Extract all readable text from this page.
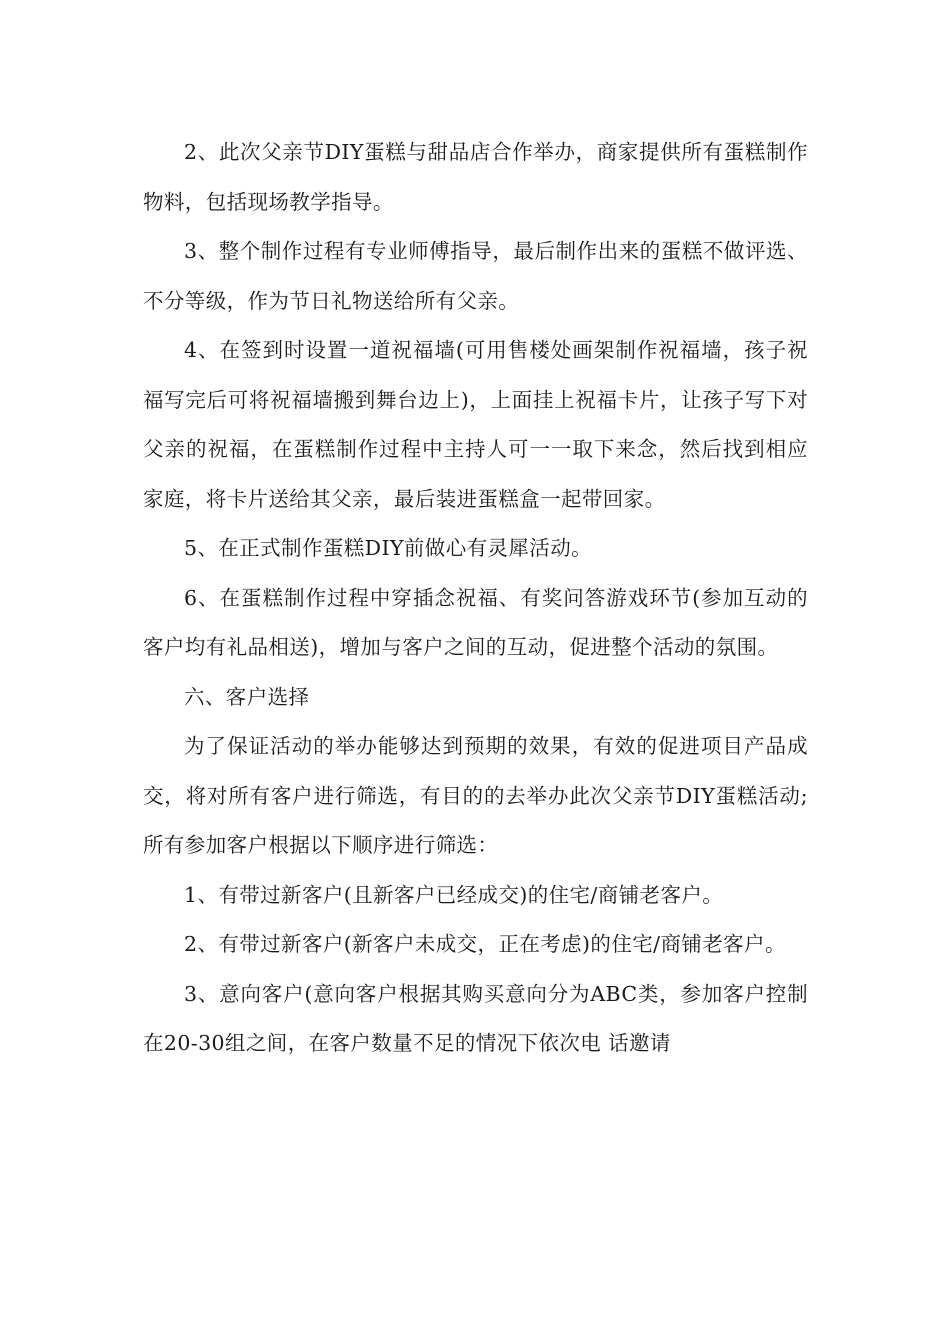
2、此次父亲节DIY蛋糕与甜品店合作举办，商家提供所有蛋糕制作物料，包括现场教学指导。

3、整个制作过程有专业师傅指导，最后制作出来的蛋糕不做评选、不分等级，作为节日礼物送给所有父亲。

4、在签到时设置一道祝福墙(可用售楼处画架制作祝福墙，孩子祝福写完后可将祝福墙搬到舞台边上)，上面挂上祝福卡片，让孩子写下对父亲的祝福，在蛋糕制作过程中主持人可一一取下来念，然后找到相应家庭，将卡片送给其父亲，最后装进蛋糕盒一起带回家。

5、在正式制作蛋糕DIY前做心有灵犀活动。

6、在蛋糕制作过程中穿插念祝福、有奖问答游戏环节(参加互动的客户均有礼品相送)，增加与客户之间的互动，促进整个活动的氛围。

六、客户选择

为了保证活动的举办能够达到预期的效果，有效的促进项目产品成交，将对所有客户进行筛选，有目的的去举办此次父亲节DIY蛋糕活动;所有参加客户根据以下顺序进行筛选：

1、有带过新客户(且新客户已经成交)的住宅/商铺老客户。

2、有带过新客户(新客户未成交，正在考虑)的住宅/商铺老客户。

3、意向客户(意向客户根据其购买意向分为ABC类，参加客户控制在20-30组之间，在客户数量不足的情况下依次电 话邀请
